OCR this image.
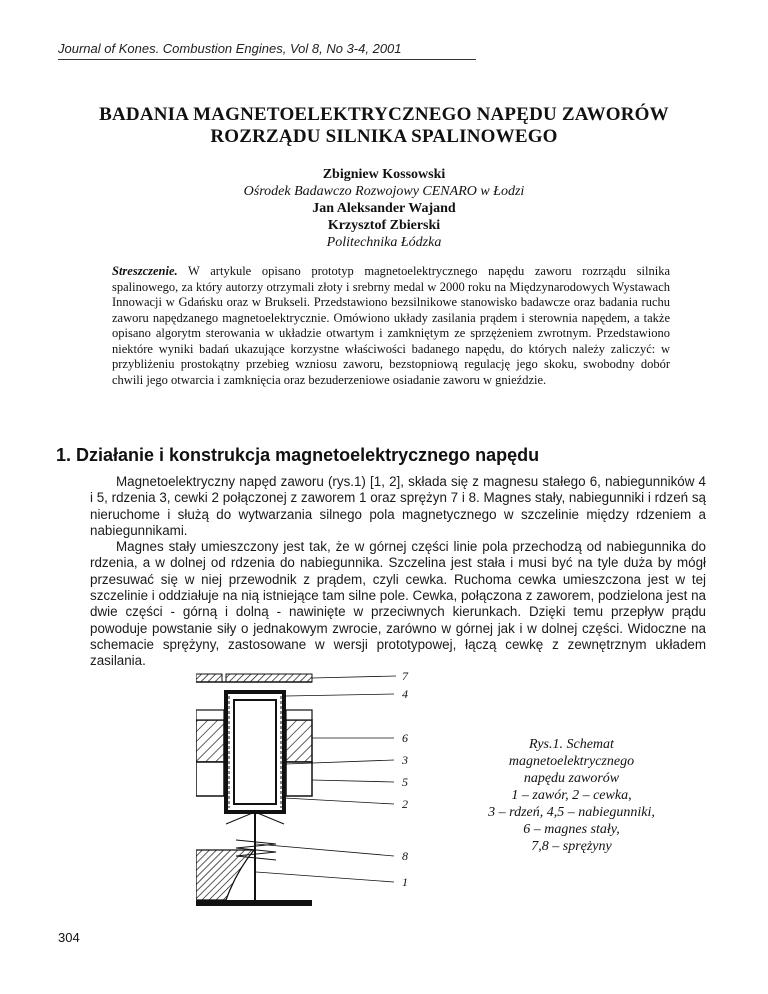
Journal of Kones. Combustion Engines, Vol 8, No 3-4, 2001
BADANIA MAGNETOELEKTRYCZNEGO NAPĘDU ZAWORÓW
ROZRZĄDU SILNIKA SPALINOWEGO
Zbigniew Kossowski
Ośrodek Badawczo Rozwojowy CENARO w Łodzi
Jan Aleksander Wajand
Krzysztof Zbierski
Politechnika Łódzka
Streszczenie. W artykule opisano prototyp magnetoelektrycznego napędu zaworu rozrządu silnika spalinowego, za który autorzy otrzymali złoty i srebrny medal w 2000 roku na Międzynarodowych Wystawach Innowacji w Gdańsku oraz w Brukseli. Przedstawiono bezsilnikowe stanowisko badawcze oraz badania ruchu zaworu napędzanego magnetoelektrycznie. Omówiono układy zasilania prądem i sterownia napędem, a także opisano algorytm sterowania w układzie otwartym i zamkniętym ze sprzężeniem zwrotnym. Przedstawiono niektóre wyniki badań ukazujące korzystne właściwości badanego napędu, do których należy zaliczyć: w przybliżeniu prostokątny przebieg wzniosu zaworu, bezstopniową regulację jego skoku, swobodny dobór chwili jego otwarcia i zamknięcia oraz bezuderzeniowe osiadanie zaworu w gnieździe.
1. Działanie i konstrukcja magnetoelektrycznego napędu

Magnetoelektryczny napęd zaworu (rys.1) [1, 2], składa się z magnesu stałego 6, nabiegunników 4 i 5, rdzenia 3, cewki 2 połączonej z zaworem 1 oraz sprężyn 7 i 8. Magnes stały, nabiegunniki i rdzeń są nieruchome i służą do wytwarzania silnego pola magnetycznego w szczelinie między rdzeniem a nabiegunnikami.

Magnes stały umieszczony jest tak, że w górnej części linie pola przechodzą od nabiegunnika do rdzenia, a w dolnej od rdzenia do nabiegunnika. Szczelina jest stała i musi być na tyle duża by mógł przesuwać się w niej przewodnik z prądem, czyli cewka. Ruchoma cewka umieszczona jest w tej szczelinie i oddziałuje na nią istniejące tam silne pole. Cewka, połączona z zaworem, podzielona jest na dwie części - górną i dolną - nawinięte w przeciwnych kierunkach. Dzięki temu przepływ prądu powoduje powstanie siły o jednakowym zwrocie, zarówno w górnej jak i w dolnej części. Widoczne na schemacie sprężyny, zastosowane w wersji prototypowej, łączą cewkę z zewnętrznym układem zasilania.

7
4
6
3
5
2
8
1
Rys.1. Schemat
magnetoelektrycznego
napędu zaworów
1 – zawór, 2 – cewka,
3 – rdzeń, 4,5 – nabiegunniki,
6 – magnes stały,
7,8 – sprężyny
304
